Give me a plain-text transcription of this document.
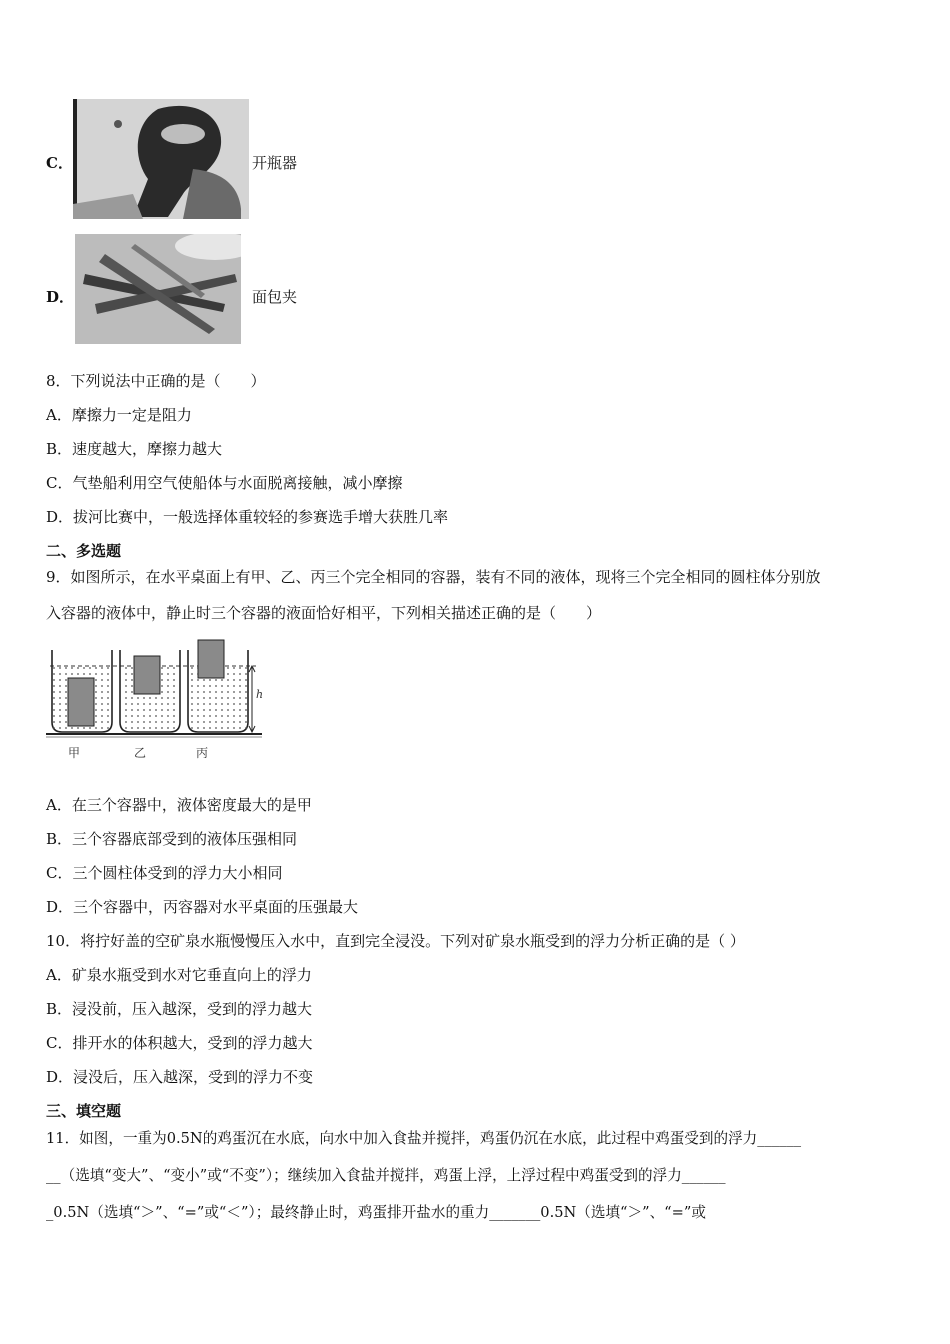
C．	开瓶器
D．	面包夹
8．下列说法中正确的是（　　）
A．摩擦力一定是阻力
B．速度越大，摩擦力越大
C．气垫船利用空气使船体与水面脱离接触，减小摩擦
D．拔河比赛中，一般选择体重较轻的参赛选手增大获胜几率
二、多选题
9．如图所示，在水平桌面上有甲、乙、丙三个完全相同的容器，装有不同的液体，现将三个完全相同的圆柱体分别放
入容器的液体中，静止时三个容器的液面恰好相平，下列相关描述正确的是（　　）
甲	乙	丙
h
A．在三个容器中，液体密度最大的是甲
B．三个容器底部受到的液体压强相同
C．三个圆柱体受到的浮力大小相同
D．三个容器中，丙容器对水平桌面的压强最大
10．将拧好盖的空矿泉水瓶慢慢压入水中，直到完全浸没。下列对矿泉水瓶受到的浮力分析正确的是（ ）
A．矿泉水瓶受到水对它垂直向上的浮力
B．浸没前，压入越深，受到的浮力越大
C．排开水的体积越大，受到的浮力越大
D．浸没后，压入越深，受到的浮力不变
三、填空题
11．如图，一重为0.5N的鸡蛋沉在水底，向水中加入食盐并搅拌，鸡蛋仍沉在水底，此过程中鸡蛋受到的浮力______
__（选填“变大”、“变小”或“不变”）；继续加入食盐并搅拌，鸡蛋上浮，上浮过程中鸡蛋受到的浮力______
_0.5N（选填“＞”、“=”或“＜”）；最终静止时，鸡蛋排开盐水的重力_______0.5N（选填“＞”、“=”或
